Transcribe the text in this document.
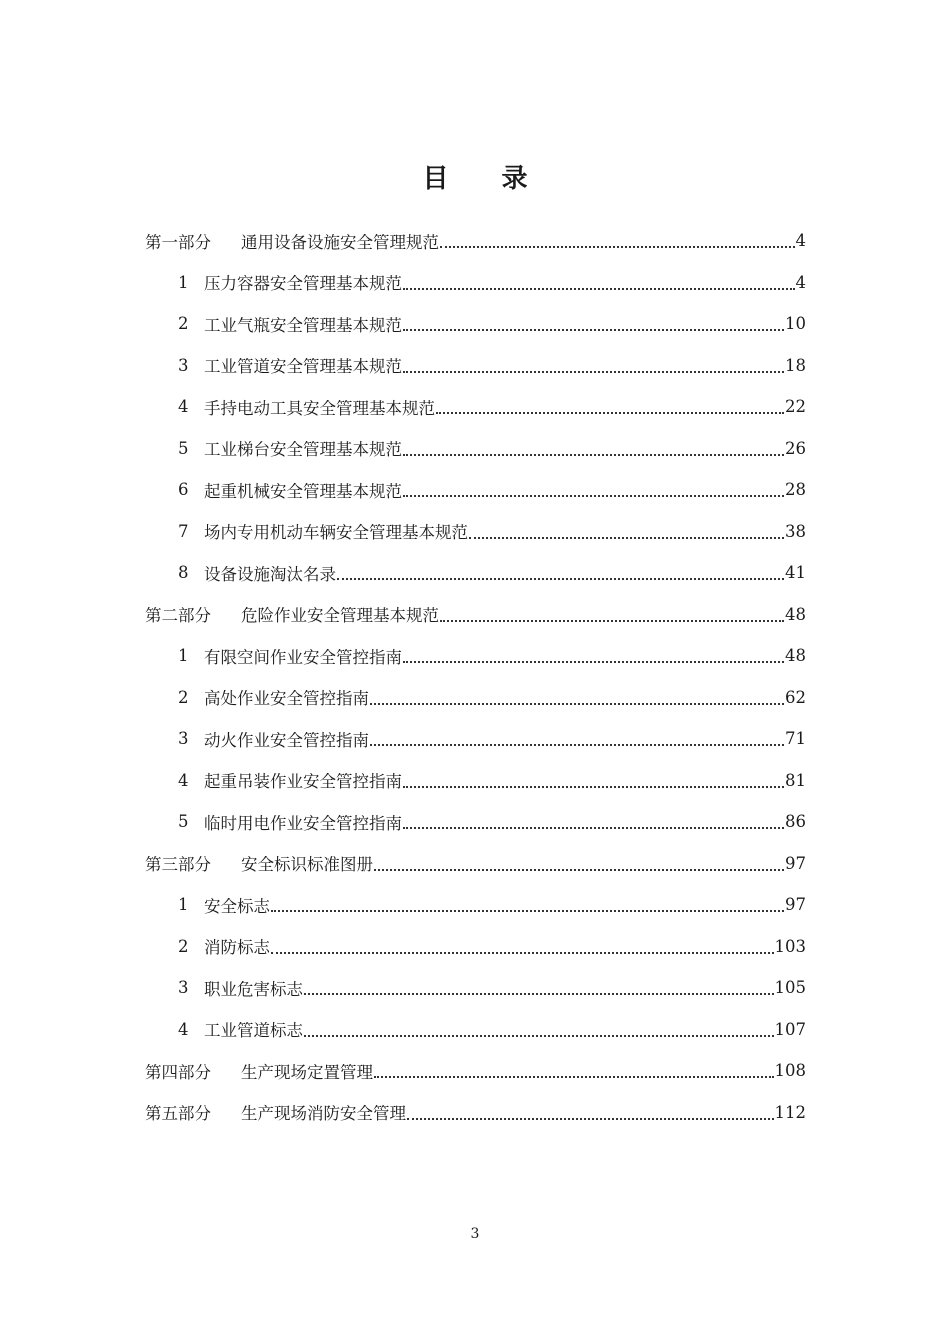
目 录
第一部分	通用设备设施安全管理规范	4
1 压力容器安全管理基本规范	4
2 工业气瓶安全管理基本规范	10
3 工业管道安全管理基本规范	18
4 手持电动工具安全管理基本规范	22
5 工业梯台安全管理基本规范	26
6 起重机械安全管理基本规范	28
7 场内专用机动车辆安全管理基本规范	38
8 设备设施淘汰名录	41
第二部分	危险作业安全管理基本规范	48
1 有限空间作业安全管控指南	48
2 高处作业安全管控指南	62
3 动火作业安全管控指南	71
4 起重吊装作业安全管控指南	81
5 临时用电作业安全管控指南	86
第三部分	安全标识标准图册	97
1 安全标志	97
2 消防标志	103
3 职业危害标志	105
4 工业管道标志	107
第四部分	生产现场定置管理	108
第五部分	生产现场消防安全管理	112
3
